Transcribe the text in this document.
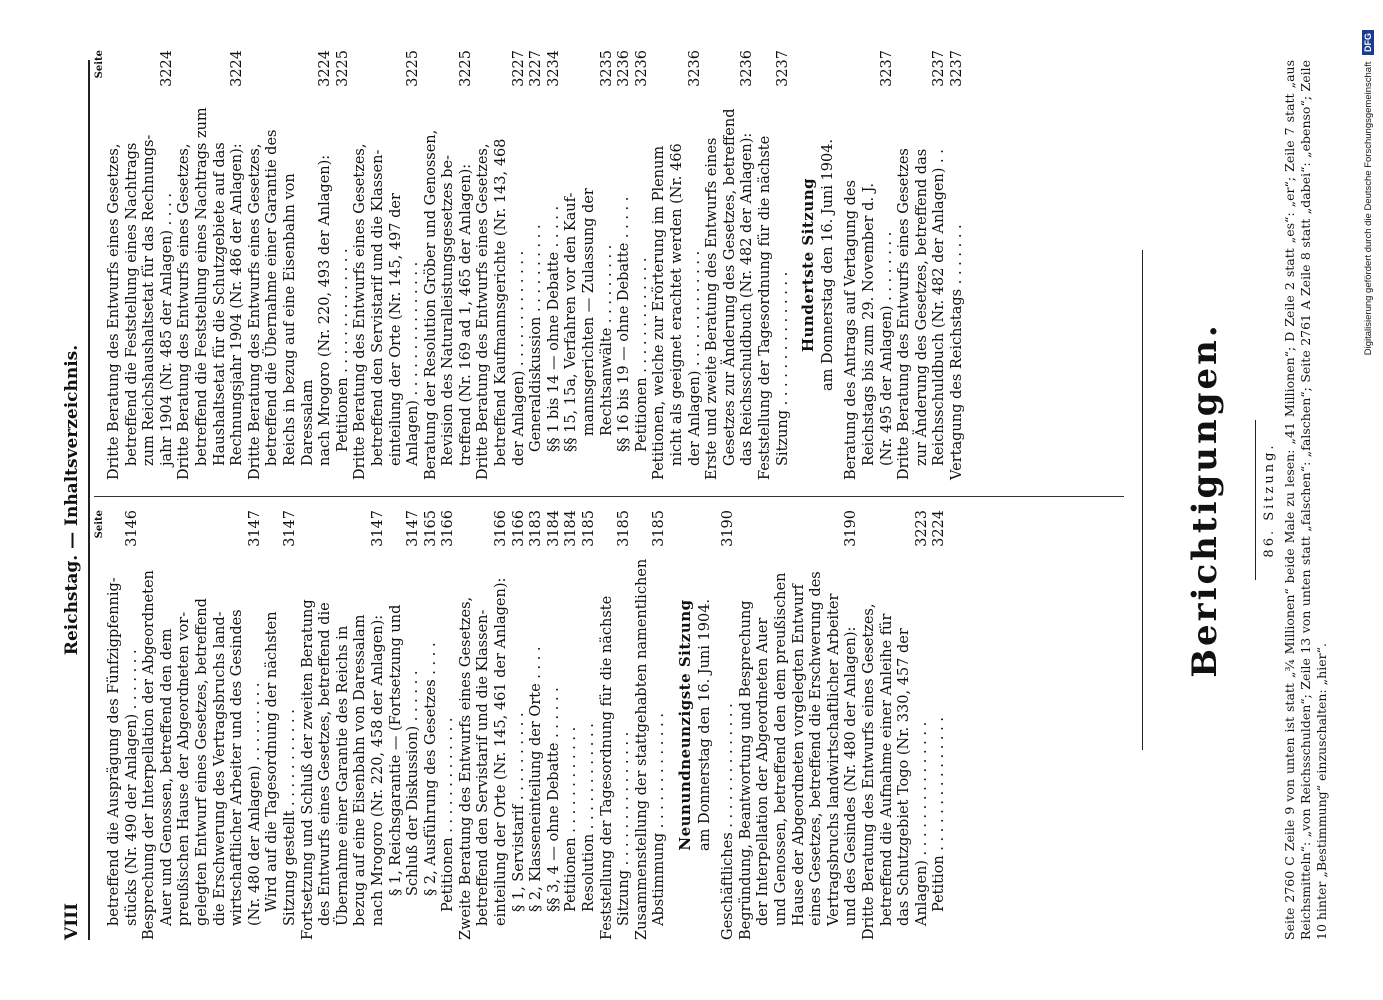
VIII
Reichstag. — Inhaltsverzeichnis. Seite
betreffend die Ausprägung des Fünfzigpfennig- stücks (Nr. 490 der Anlagen) . . . . . . .
3146
Besprechung der Interpellation der Abgeordneten Auer und Genossen, betreffend den dem preußischen Hause der Abgeordneten vor- gelegten Entwurf eines Gesetzes, betreffend die Erschwerung des Vertragsbruchs land- wirtschaftlicher Arbeiter und des Gesindes (Nr. 480 der Anlagen) . . . . . . . . .
3147
Wird auf die Tagesordnung der nächsten Sitzung gestellt . . . . . . . . . . .
3147
Fortsetzung und Schluß der zweiten Beratung des Entwurfs eines Gesetzes, betreffend die Übernahme einer Garantie des Reichs in bezug auf eine Eisenbahn von Daressalam nach Mrogoro (Nr. 220, 458 der Anlagen):
3147
§ 1, Reichsgarantie — (Fortsetzung und Schluß der Diskussion) . . . . . .
3147
§ 2, Ausführung des Gesetzes . . . .
3165
Petitionen . . . . . . . . . . . . .
3166
Zweite Beratung des Entwurfs eines Gesetzes, betreffend den Servistarif und die Klassen- einteilung der Orte (Nr. 145, 461 der Anlagen):
3166
§ 1, Servistarif . . . . . . . . . .
3166
§ 2, Klasseneinteilung der Orte . . . .
3183
§§ 3, 4 — ohne Debatte . . . . . .
3184
Petitionen . . . . . . . . . . . .
3184
Resolution . . . . . . . . . . . .
3185
Feststellung der Tagesordnung für die nächste Sitzung . . . . . . . . . . . . . . .
3185
Zusammenstellung der stattgehabten namentlichen Abstimmung . . . . . . . . . . . . .
3185
Neunundneunzigste Sitzung am Donnerstag den 16. Juni 1904. Geschäftliches . . . . . . . . . . . . . .
3190
Begründung, Beantwortung und Besprechung der Interpellation der Abgeordneten Auer und Genossen, betreffend den dem preußischen Hause der Abgeordneten vorgelegten Entwurf eines Gesetzes, betreffend die Erschwerung des Vertragsbruchs landwirtschaftlicher Arbeiter und des Gesindes (Nr. 480 der Anlagen):
3190
Dritte Beratung des Entwurfs eines Gesetzes, betreffend die Aufnahme einer Anleihe für das Schutzgebiet Togo (Nr. 330, 457 der Anlagen) . . . . . . . . . . . . . . .
3223
Petition . . . . . . . . . . . . . . .
3224
Seite
Dritte Beratung des Entwurfs eines Gesetzes, betreffend die Feststellung eines Nachtrags zum Reichshaushaltsetat für das Rechnungs- jahr 1904 (Nr. 485 der Anlagen) . . . .
3224
Dritte Beratung des Entwurfs eines Gesetzes, betreffend die Feststellung eines Nachtrags zum Haushaltsetat für die Schutzgebiete auf das Rechnungsjahr 1904 (Nr. 486 der Anlagen):
3224
Dritte Beratung des Entwurfs eines Gesetzes, betreffend die Übernahme einer Garantie des Reichs in bezug auf eine Eisenbahn von Daressalam nach Mrogoro (Nr. 220, 493 der Anlagen):
3224
Petitionen . . . . . . . . . . . . . .
3225
Dritte Beratung des Entwurfs eines Gesetzes, betreffend den Servistarif und die Klassen- einteilung der Orte (Nr. 145, 497 der Anlagen) . . . . . . . . . . . . . . .
3225
Beratung der Resolution Gröber und Genossen, Revision des Naturalleistungsgesetzes be- treffend (Nr. 169 ad 1, 465 der Anlagen):
3225
Dritte Beratung des Entwurfs eines Gesetzes, betreffend Kaufmannsgerichte (Nr. 143, 468 der Anlagen) . . . . . . . . . . . . .
3227
Generaldiskussion . . . . . . . . . .
3227
§§ 1 bis 14 — ohne Debatte . . . . .
3234
§§ 15, 15a, Verfahren vor den Kauf- mannsgerichten — Zulassung der Rechtsanwälte . . . . . . . . .
3235
§§ 16 bis 19 — ohne Debatte . . . . .
3236
Petitionen . . . . . . . . . . . . .
3236
Petitionen, welche zur Erörterung im Plenum nicht als geeignet erachtet werden (Nr. 466 der Anlagen) . . . . . . . . . . . . .
3236
Erste und zweite Beratung des Entwurfs eines Gesetzes zur Änderung des Gesetzes, betreffend das Reichsschuldbuch (Nr. 482 der Anlagen):
3236
Feststellung der Tagesordnung für die nächste Sitzung . . . . . . . . . . . . . . .
3237
Hundertste Sitzung am Donnerstag den 16. Juni 1904. Beratung des Antrags auf Vertagung des Reichstags bis zum 29. November d. J. (Nr. 495 der Anlagen) . . . . . . . .
3237
Dritte Beratung des Entwurfs eines Gesetzes zur Änderung des Gesetzes, betreffend das Reichsschuldbuch (Nr. 482 der Anlagen) . .
3237
Vertagung des Reichstags . . . . . . .
3237
Berichtigungen.	86. Sitzung. Seite 2760 C Zeile 9 von unten ist statt „¾ Millionen“ beide Male zu lesen: „41 Millionen“; D Zeile 2 statt „es“: „er“; Zeile 7 statt „aus Reichsmitteln“: „von Reichsschulden“; Zeile 13 von unten statt „falschen“: „falschen“; Seite 2761 A Zeile 8 statt „dabei“: „ebenso“; Zeile 10 hinter „Bestimmung“ einzuschalten: „hier“.
Digitalisierung gefördert durch die Deutsche Forschungsgemeinschaft DFG
